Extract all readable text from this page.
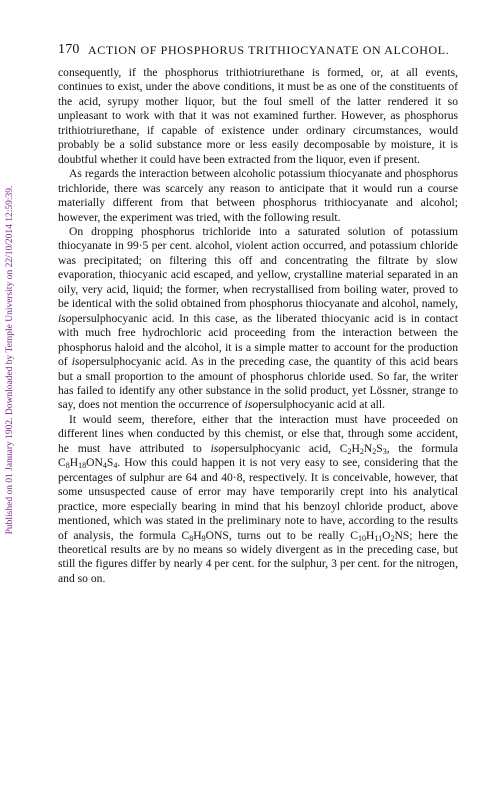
Published on 01 January 1902. Downloaded by Temple University on 22/10/2014 12:59:39.
170 ACTION OF PHOSPHORUS TRITHIOCYANATE ON ALCOHOL.

consequently, if the phosphorus trithiotriurethane is formed, or, at all events, continues to exist, under the above conditions, it must be as one of the constituents of the acid, syrupy mother liquor, but the foul smell of the latter rendered it so unpleasant to work with that it was not examined further. However, as phosphorus trithiotriurethane, if capable of existence under ordinary circumstances, would probably be a solid substance more or less easily decomposable by moisture, it is doubtful whether it could have been extracted from the liquor, even if present.

As regards the interaction between alcoholic potassium thiocyanate and phosphorus trichloride, there was scarcely any reason to anticipate that it would run a course materially different from that between phosphorus trithiocyanate and alcohol; however, the experiment was tried, with the following result.

On dropping phosphorus trichloride into a saturated solution of potassium thiocyanate in 99·5 per cent. alcohol, violent action occurred, and potassium chloride was precipitated; on filtering this off and concentrating the filtrate by slow evaporation, thiocyanic acid escaped, and yellow, crystalline material separated in an oily, very acid, liquid; the former, when recrystallised from boiling water, proved to be identical with the solid obtained from phosphorus thiocyanate and alcohol, namely, isopersulphocyanic acid. In this case, as the liberated thiocyanic acid is in contact with much free hydrochloric acid proceeding from the interaction between the phosphorus haloid and the alcohol, it is a simple matter to account for the production of isopersulphocyanic acid. As in the preceding case, the quantity of this acid bears but a small proportion to the amount of phosphorus chloride used. So far, the writer has failed to identify any other substance in the solid product, yet Lössner, strange to say, does not mention the occurrence of isopersulphocyanic acid at all.

It would seem, therefore, either that the interaction must have proceeded on different lines when conducted by this chemist, or else that, through some accident, he must have attributed to isopersulphocyanic acid, $C_2H_2N_2S_3$, the formula $C_8H_{18}ON_4S_4$. How this could happen it is not very easy to see, considering that the percentages of sulphur are 64 and 40·8, respectively. It is conceivable, however, that some unsuspected cause of error may have temporarily crept into his analytical practice, more especially bearing in mind that his benzoyl chloride product, above mentioned, which was stated in the preliminary note to have, according to the results of analysis, the formula $C_8H_9ONS$, turns out to be really $C_{10}H_{11}O_2NS$; here the theoretical results are by no means so widely divergent as in the preceding case, but still the figures differ by nearly 4 per cent. for the sulphur, 3 per cent. for the nitrogen, and so on.
